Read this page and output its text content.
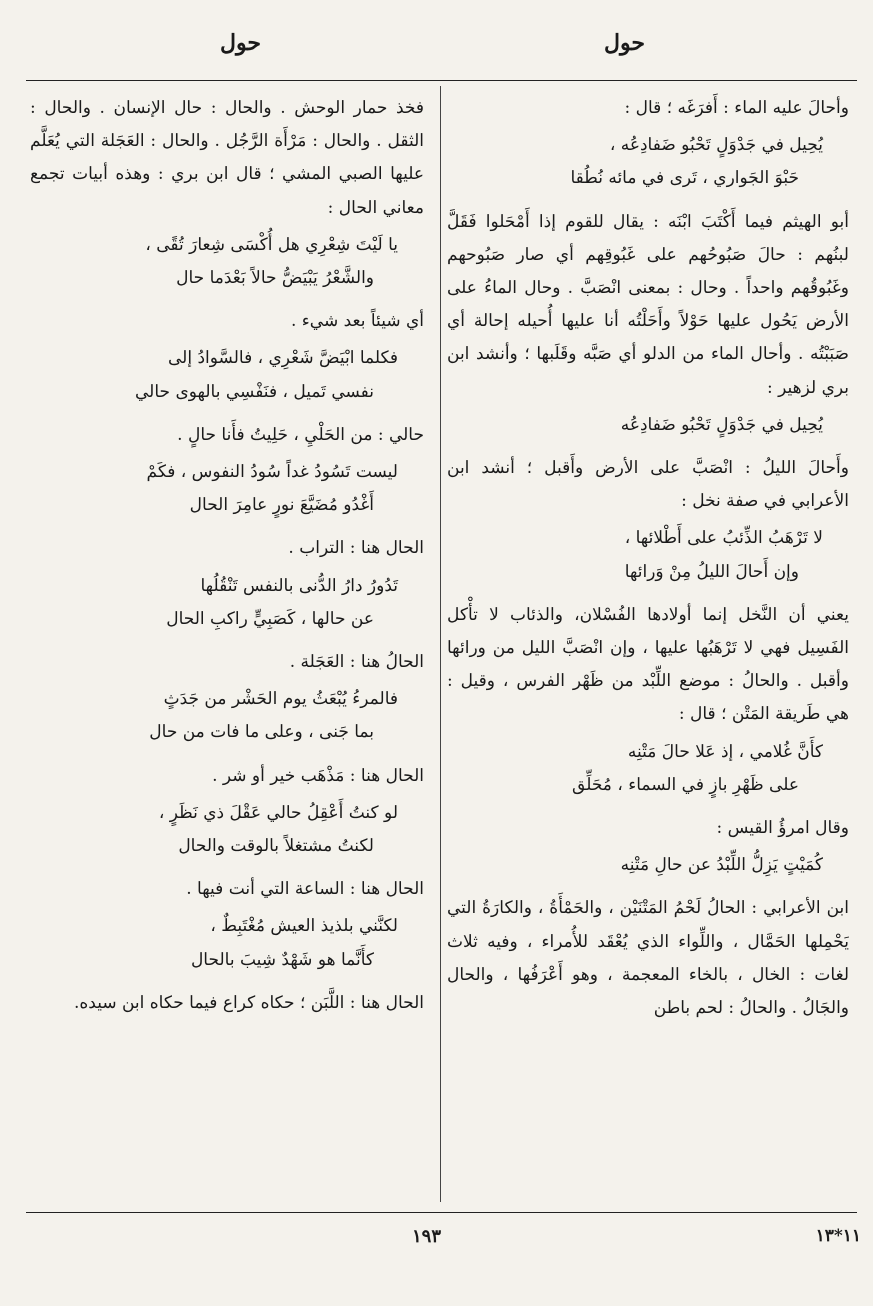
حول
حول

وأحالَ عليه الماء : أَفرَغَه ؛ قال :

يُحِيل في جَدْوَلٍ تَحْبُو ضَفادِعُه ،
حَبْوَ الجَواري ، تَرى في مائه نُطُقا

أبو الهيثم فيما أَكْتَبَ ابْنَه : يقال للقوم إذا أَمْحَلوا فَقَلَّ لبنُهم : حالَ صَبُوحُهم على غَبُوقِهم أي صار صَبُوحهم وغَبُوقُهم واحداً . وحال : بمعنى انْصَبَّ . وحال الماءُ على الأرض يَحُول عليها حَوْلاً وأَحَلْتُه أنا عليها أُحيله إحالة أي صَبَبْتُه . وأحال الماء من الدلو أي صَبَّه وقَلَبها ؛ وأنشد ابن بري لزهير :

يُحِيل في جَدْوَلٍ تَحْبُو ضَفادِعُه

وأَحالَ الليلُ : انْصَبَّ على الأرض وأَقبل ؛ أنشد ابن الأعرابي في صفة نخل :

لا تَرْهَبُ الذِّئبُ على أَطْلائها ،
وإن أَحالَ الليلُ مِنْ وَرائها

يعني أن النَّخل إنما أولادها الفُسْلان، والذئاب لا تأْكل الفَسِيل فهي لا تَرْهَبُها عليها ، وإن انْصَبَّ الليل من ورائها وأقبل . والحالُ : موضع اللِّبْد من ظَهْر الفرس ، وقيل : هي طَريقة المَتْن ؛ قال :

كأَنَّ غُلامي ، إذ عَلا حالَ مَتْنِه
على ظَهْرِ بازٍ في السماء ، مُحَلِّق

وقال امرؤُ القيس :

كُمَيْتٍ يَزِلُّ اللِّبْدُ عن حالِ مَتْنِه

ابن الأعرابي : الحالُ لَحْمُ المَتْنَيْن ، والحَمْأَةُ ، والكارَةُ التي يَحْمِلها الحَمَّال ، واللِّواء الذي يُعْقَد للأُمراء ، وفيه ثلاث لغات : الخال ، بالخاء المعجمة ، وهو أَعْرَفُها ، والحال والجَالُ . والحالُ : لحم باطن

فخذ حمار الوحش . والحال : حال الإنسان . والحال : الثقل . والحال : مَرْأَة الرَّجُل . والحال : العَجَلة التي يُعَلَّم عليها الصبي المشي ؛ قال ابن بري : وهذه أبيات تجمع معاني الحال :

يا لَيْتَ شِعْرِي هل أُكْسَى شِعارَ تُقًى ،
والشَّعْرُ يَبْيَضُّ حالاً بَعْدَما حال

أي شيئاً بعد شيء .

فكلما ابْيَضَّ شَعْرِي ، فالسَّوادُ إلى
نفسي تَميل ، فنَفْسِي بالهوى حالي

حالي : من الحَلْيِ ، حَلِيتُ فأَنا حالٍ .

ليست تَسُودُ غداً سُودُ النفوس ، فكَمْ
أَغْدُو مُضَيَّعَ نورٍ عامِرَ الحال

الحال هنا : التراب .

تَدُورُ دارُ الدُّنى بالنفس تَنْقُلُها
عن حالها ، كَصَبِيٍّ راكبِ الحال

الحالُ هنا : العَجَلة .

فالمرءُ يُبْعَثُ يوم الحَشْر من جَدَثٍ
بما جَنى ، وعلى ما فات من حال

الحال هنا : مَذْهَب خير أو شر .

لو كنتُ أَعْقِلُ حالي عَقْلَ ذي نَظَرٍ ،
لكنتُ مشتغلاً بالوقت والحال

الحال هنا : الساعة التي أنت فيها .

لكنَّني بلذيذ العيش مُغْتَبِطٌ ،
كأَنَّما هو شَهْدٌ شِيبَ بالحال

الحال هنا : اللَّبَن ؛ حكاه كراع فيما حكاه ابن سيده.

١٩٣	١١*١٣
